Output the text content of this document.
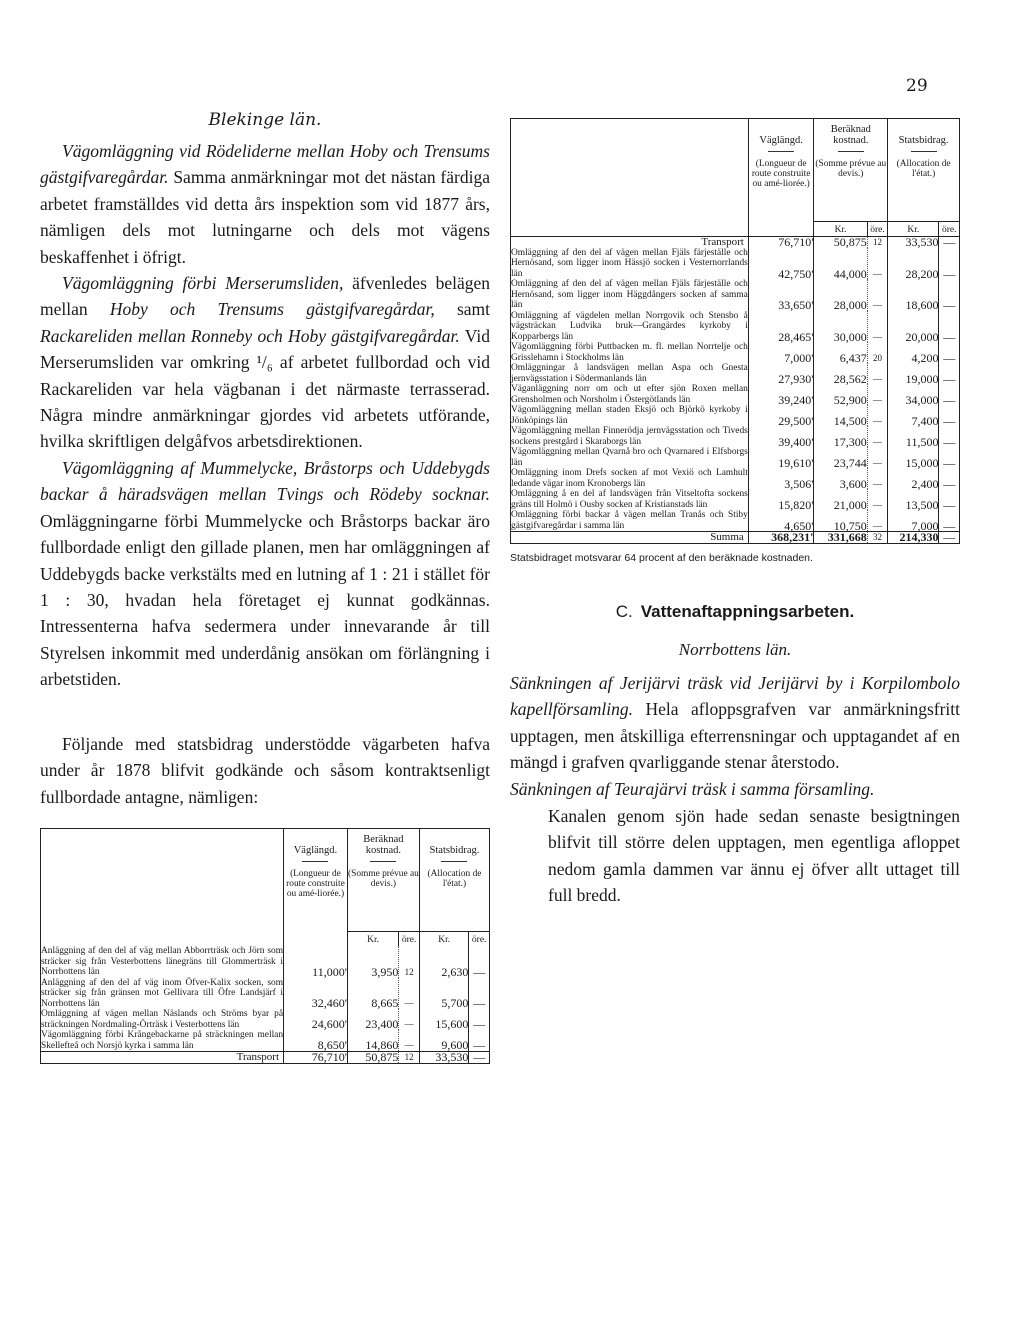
29
Blekinge län.

Vägomläggning vid Rödeliderne mellan Hoby och Trensums gästgifvaregårdar. Samma anmärkningar mot det nästan färdiga arbetet framställdes vid detta års inspektion som vid 1877 års, nämligen dels mot lutningarne och dels mot vägens beskaffenhet i öfrigt.

Vägomläggning förbi Merserumsliden, äfvenledes belägen mellan Hoby och Trensums gästgifvaregårdar, samt Rackareliden mellan Ronneby och Hoby gästgifvaregårdar. Vid Merserumsliden var omkring ¹/₆ af arbetet fullbordad och vid Rackareliden var hela vägbanan i det närmaste terrasserad. Några mindre anmärkningar gjordes vid arbetets utförande, hvilka skriftligen delgåfvos arbetsdirektionen.

Vägomläggning af Mummelycke, Bråstorps och Uddebygds backar å häradsvägen mellan Tvings och Rödeby socknar. Omläggningarne förbi Mummelycke och Bråstorps backar äro fullbordade enligt den gillade planen, men har omläggningen af Uddebygds backe verkstälts med en lutning af 1 : 21 i stället för 1 : 30, hvadan hela företaget ej kunnat godkännas. Intressenterna hafva sedermera under innevarande år till Styrelsen inkommit med underdånig ansökan om förlängning i arbetstiden.

Följande med statsbidrag understödde vägarbeten hafva under år 1878 blifvit godkände och såsom kontraktsenligt fullbordade antagne, nämligen:

	Väglängd.	Beräknad kostnad.		Statsbidrag.	

	(Longueur de route construite ou amé-liorée.)	(Somme prévue au devis.)		(Allocation de l'état.)	
		Kr.	öre.	Kr.	öre.
Anläggning af den del af väg mellan Abborrträsk och Jörn som sträcker sig från Vesterbottens länegräns till Glommerträsk i Norrbottens län	11,000'	3,950	12	2,630	—
Anläggning af den del af väg inom Öfver-Kalix socken, som sträcker sig från gränsen mot Gellivara till Öfre Landsjärf i Norrbottens län	32,460'	8,665	—	5,700	—
Omläggning af vägen mellan Näslands och Ströms byar på sträckningen Nordmaling-Örträsk i Vesterbottens län	24,600'	23,400	—	15,600	—
Vägomläggning förbi Krångebackarne på sträckningen mellan Skellefteå och Norsjö kyrka i samma län	8,650'	14,860	—	9,600	—
Transport	76,710'	50,875	12	33,530	—
	Väglängd.	Beräknad kostnad.		Statsbidrag.	

	(Longueur de route construite ou amé-liorée.)	(Somme prévue au devis.)		(Allocation de l'état.)	
		Kr.	öre.	Kr.	öre.
Transport	76,710'	50,875	12	33,530	—
Omläggning af den del af vägen mellan Fjäls färjeställe och Hernösand, som ligger inom Hässjö socken i Vesternorrlands län	42,750'	44,000	—	28,200	—
Omläggning af den del af vägen mellan Fjäls färjeställe och Hernösand, som ligger inom Häggdångers socken af samma län	33,650'	28,000	—	18,600	—
Omläggning af vägdelen mellan Norrgovik och Stensbo å vägsträckan Ludvika bruk—Grangärdes kyrkoby i Kopparbergs län	28,465'	30,000	—	20,000	—
Vägomläggning förbi Puttbacken m. fl. mellan Norrtelje och Grisslehamn i Stockholms län	7,000'	6,437	20	4,200	—
Omläggningar å landsvägen mellan Aspa och Gnesta jernvägsstation i Södermanlands län	27,930'	28,562	—	19,000	—
Väganläggning norr om och ut efter sjön Roxen mellan Grensholmen och Norsholm i Östergötlands län	39,240'	52,900	—	34,000	—
Vägomläggning mellan staden Eksjö och Björkö kyrkoby i Jönköpings län	29,500'	14,500	—	7,400	—
Vägomläggning mellan Finnerödja jernvägsstation och Tiveds sockens prestgård i Skaraborgs län	39,400'	17,300	—	11,500	—
Vägomläggning mellan Qvarnå bro och Qvarnared i Elfsborgs län	19,610'	23,744	—	15,000	—
Omläggning inom Drefs socken af mot Vexiö och Lamhult ledande vägar inom Kronobergs län	3,506'	3,600	—	2,400	—
Omläggning å en del af landsvägen från Vitseltofta sockens gräns till Holmö i Ousby socken af Kristianstads län	15,820'	21,000	—	13,500	—
Omläggning förbi backar å vägen mellan Tranås och Stiby gästgifvaregårdar i samma län	4,650'	10,750	—	7,000	—
Summa	368,231'	331,668	32	214,330	—

Statsbidraget motsvarar 64 procent af den beräknade kostnaden.

C. Vattenaftappningsarbeten.
Norrbottens län.

Sänkningen af Jerijärvi träsk vid Jerijärvi by i Korpilombolo kapellförsamling. Hela afloppsgrafven var anmärkningsfritt upptagen, men åtskilliga efterrensningar och upptagandet af en mängd i grafven qvarliggande stenar återstodo.

Sänkningen af Teurajärvi träsk i samma församling.

Kanalen genom sjön hade sedan senaste besigtningen blifvit till större delen upptagen, men egentliga afloppet nedom gamla dammen var ännu ej öfver allt uttaget till full bredd.
